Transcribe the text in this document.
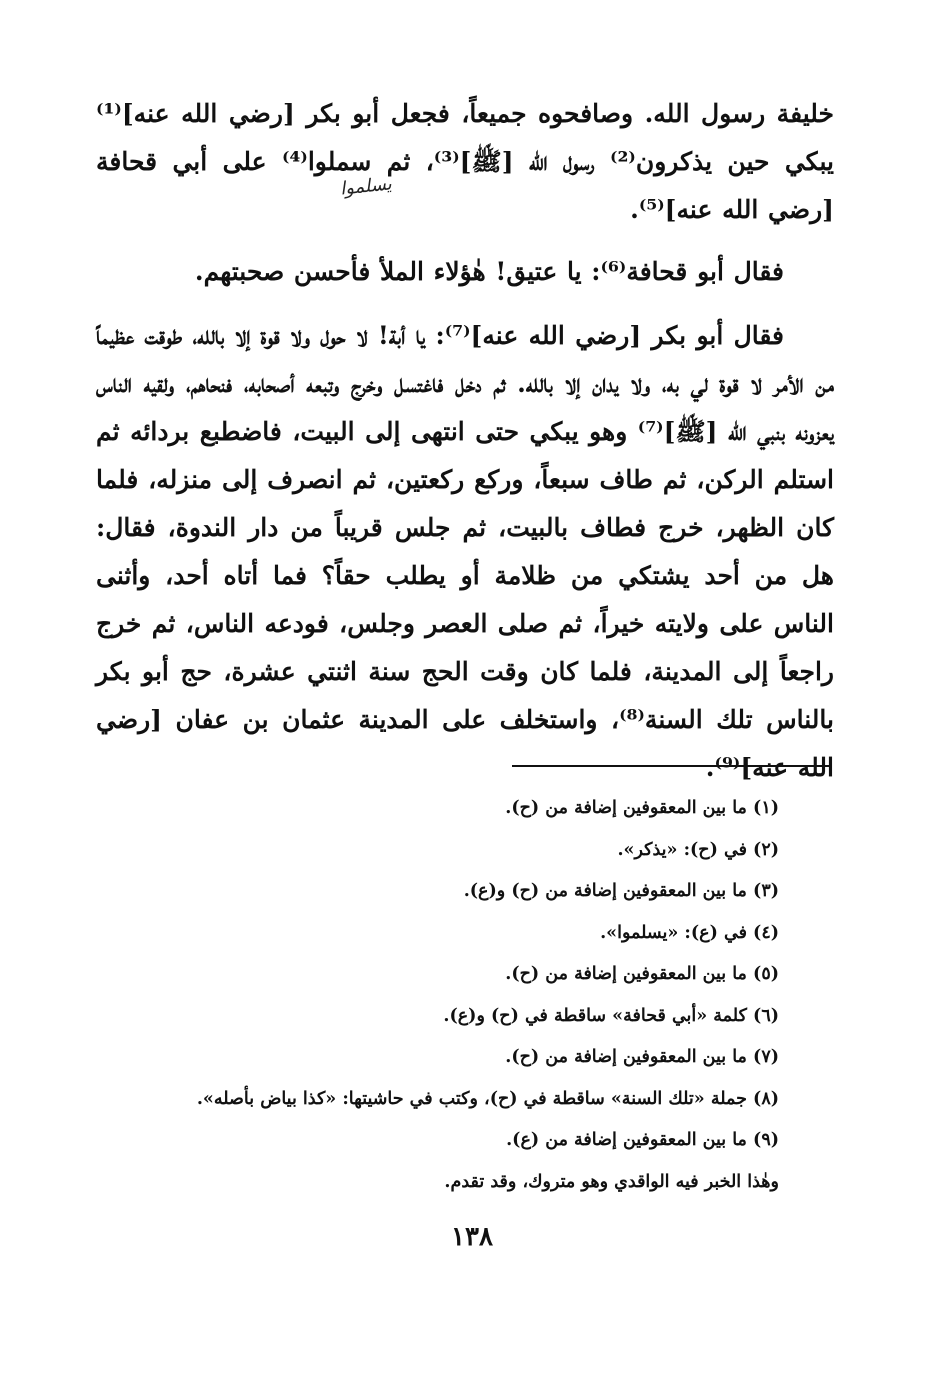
خليفة رسول الله. وصافحوه جميعاً، فجعل أبو بكر [رضي الله عنه]⁽¹⁾ يبكي حين يذكرون⁽²⁾ رسول الله [ﷺ]⁽³⁾، ثم سملوا⁽⁴⁾ على أبي قحافة [رضي الله عنه]⁽⁵⁾.

يسلموا

فقال أبو قحافة⁽⁶⁾: يا عتيق! هٰؤلاء الملأ فأحسن صحبتهم.

فقال أبو بكر [رضي الله عنه]⁽⁷⁾: يا أبة! لا حول ولا قوة إلا بالله، طوقت عظيماً من الأمر لا قوة لي به، ولا يدان إلا بالله. ثم دخل فاغتسل وخرج وتبعه أصحابه، فنحاهم، ولقيه الناس يعزونه بنبي الله [ﷺ]⁽⁷⁾ وهو يبكي حتى انتهى إلى البيت، فاضطبع بردائه ثم استلم الركن، ثم طاف سبعاً، وركع ركعتين، ثم انصرف إلى منزله، فلما كان الظهر، خرج فطاف بالبيت، ثم جلس قريباً من دار الندوة، فقال: هل من أحد يشتكي من ظلامة أو يطلب حقاً؟ فما أتاه أحد، وأثنى الناس على ولايته خيراً، ثم صلى العصر وجلس، فودعه الناس، ثم خرج راجعاً إلى المدينة، فلما كان وقت الحج سنة اثنتي عشرة، حج أبو بكر بالناس تلك السنة⁽⁸⁾، واستخلف على المدينة عثمان بن عفان [رضي الله عنه]⁽⁹⁾.

(١) ما بين المعقوفين إضافة من (ح).
(٢) في (ح): «يذكر».
(٣) ما بين المعقوفين إضافة من (ح) و(ع).
(٤) في (ع): «يسلموا».
(٥) ما بين المعقوفين إضافة من (ح).
(٦) كلمة «أبي قحافة» ساقطة في (ح) و(ع).
(٧) ما بين المعقوفين إضافة من (ح).
(٨) جملة «تلك السنة» ساقطة في (ح)، وكتب في حاشيتها: «كذا بياض بأصله».
(٩) ما بين المعقوفين إضافة من (ع).
وهٰذا الخبر فيه الواقدي وهو متروك، وقد تقدم.
١٣٨
